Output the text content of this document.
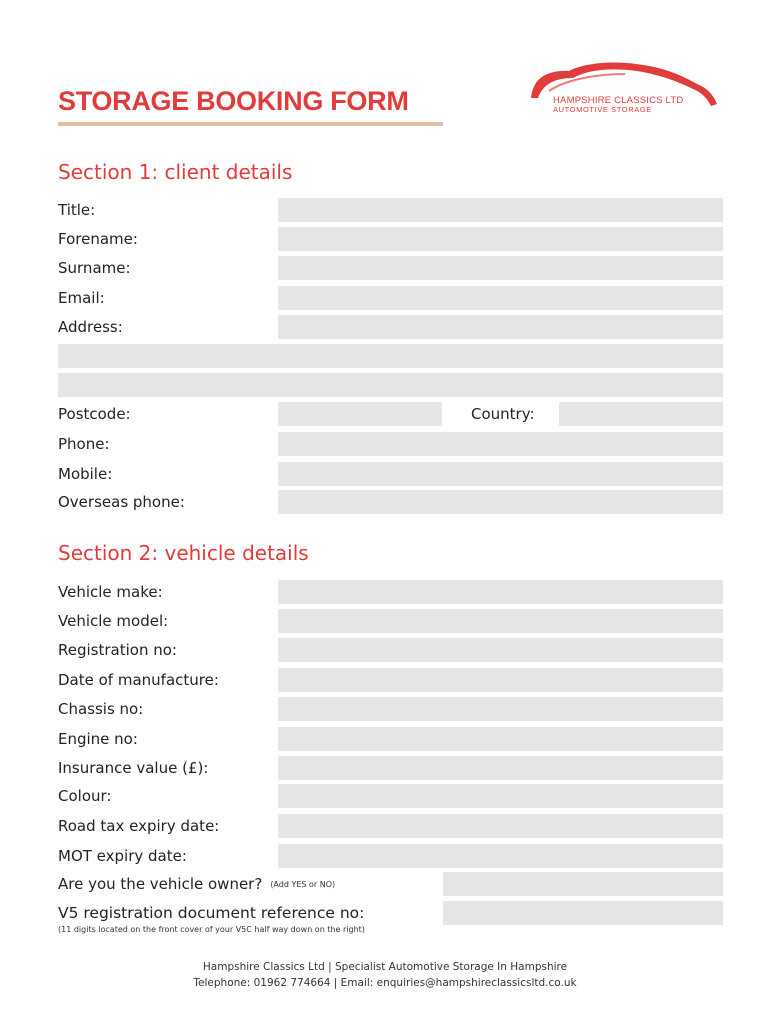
STORAGE BOOKING FORM	HAMPSHIRE CLASSICS LTD
AUTOMOTIVE STORAGE
Section 1: client details
Title:
Forename:
Surname:
Email:
Address:
Postcode:	Country:
Phone:
Mobile:
Overseas phone:
Section 2: vehicle details
Vehicle make:
Vehicle model:
Registration no:
Date of manufacture:
Chassis no:
Engine no:
Insurance value (£):
Colour:
Road tax expiry date:
MOT expiry date:
Are you the vehicle owner? (Add YES or NO)
V5 registration document reference no:
(11 digits located on the front cover of your V5C half way down on the right)
Hampshire Classics Ltd | Specialist Automotive Storage In Hampshire
Telephone: 01962 774664 | Email: enquiries@hampshireclassicsltd.co.uk
